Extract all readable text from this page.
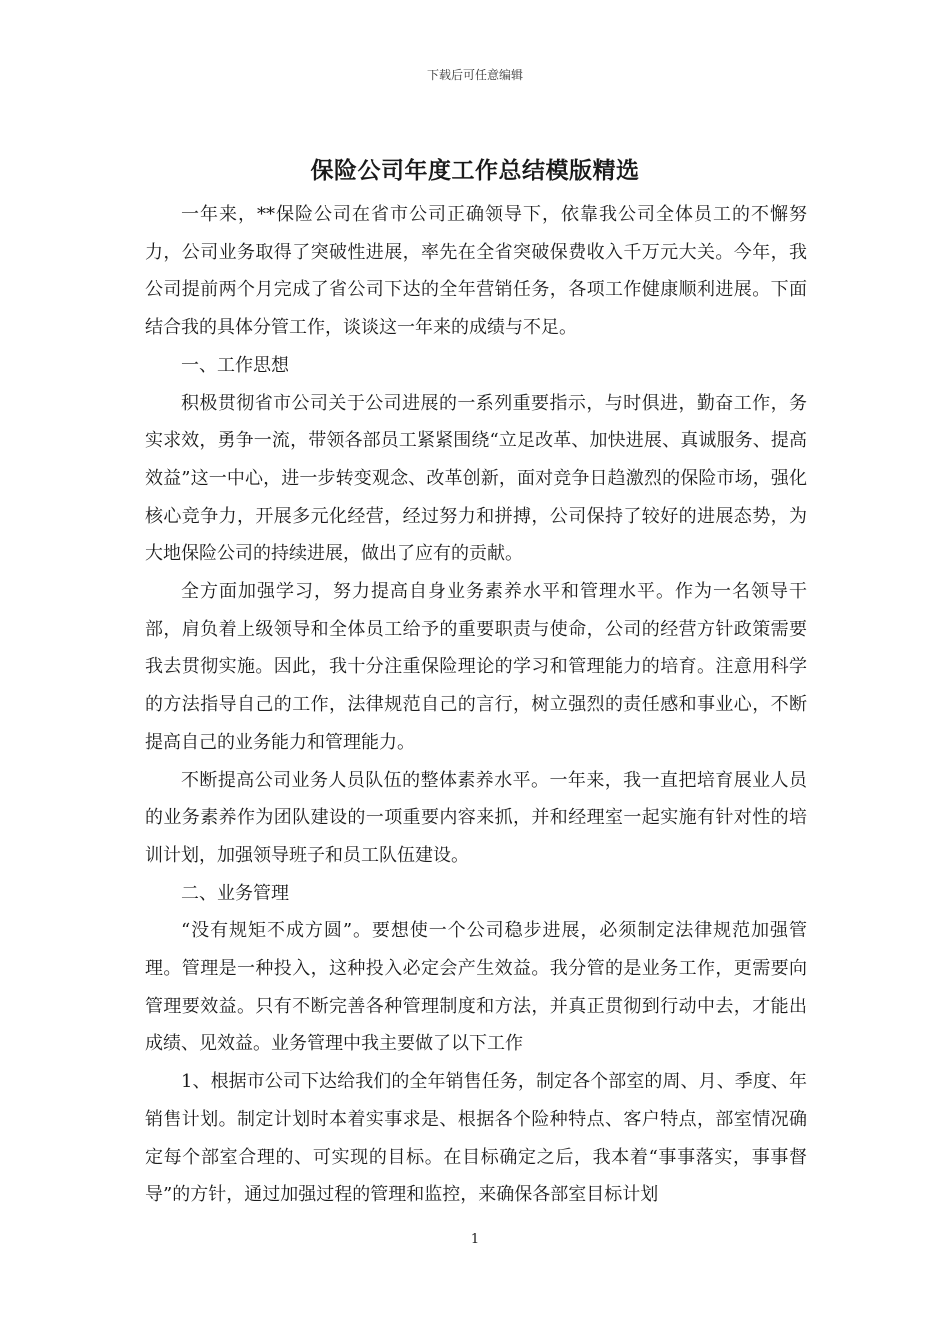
下载后可任意编辑
保险公司年度工作总结模版精选

一年来，**保险公司在省市公司正确领导下，依靠我公司全体员工的不懈努力，公司业务取得了突破性进展，率先在全省突破保费收入千万元大关。今年，我公司提前两个月完成了省公司下达的全年营销任务，各项工作健康顺利进展。下面结合我的具体分管工作，谈谈这一年来的成绩与不足。

一、工作思想

积极贯彻省市公司关于公司进展的一系列重要指示，与时俱进，勤奋工作，务实求效，勇争一流，带领各部员工紧紧围绕“立足改革、加快进展、真诚服务、提高效益”这一中心，进一步转变观念、改革创新，面对竞争日趋激烈的保险市场，强化核心竞争力，开展多元化经营，经过努力和拼搏，公司保持了较好的进展态势，为大地保险公司的持续进展，做出了应有的贡献。

全方面加强学习，努力提高自身业务素养水平和管理水平。作为一名领导干部，肩负着上级领导和全体员工给予的重要职责与使命，公司的经营方针政策需要我去贯彻实施。因此，我十分注重保险理论的学习和管理能力的培育。注意用科学的方法指导自己的工作，法律规范自己的言行，树立强烈的责任感和事业心，不断提高自己的业务能力和管理能力。

不断提高公司业务人员队伍的整体素养水平。一年来，我一直把培育展业人员的业务素养作为团队建设的一项重要内容来抓，并和经理室一起实施有针对性的培训计划，加强领导班子和员工队伍建设。

二、业务管理

“没有规矩不成方圆”。要想使一个公司稳步进展，必须制定法律规范加强管理。管理是一种投入，这种投入必定会产生效益。我分管的是业务工作，更需要向管理要效益。只有不断完善各种管理制度和方法，并真正贯彻到行动中去，才能出成绩、见效益。业务管理中我主要做了以下工作

1、根据市公司下达给我们的全年销售任务，制定各个部室的周、月、季度、年销售计划。制定计划时本着实事求是、根据各个险种特点、客户特点，部室情况确定每个部室合理的、可实现的目标。在目标确定之后，我本着“事事落实，事事督导”的方针，通过加强过程的管理和监控，来确保各部室目标计划

1
